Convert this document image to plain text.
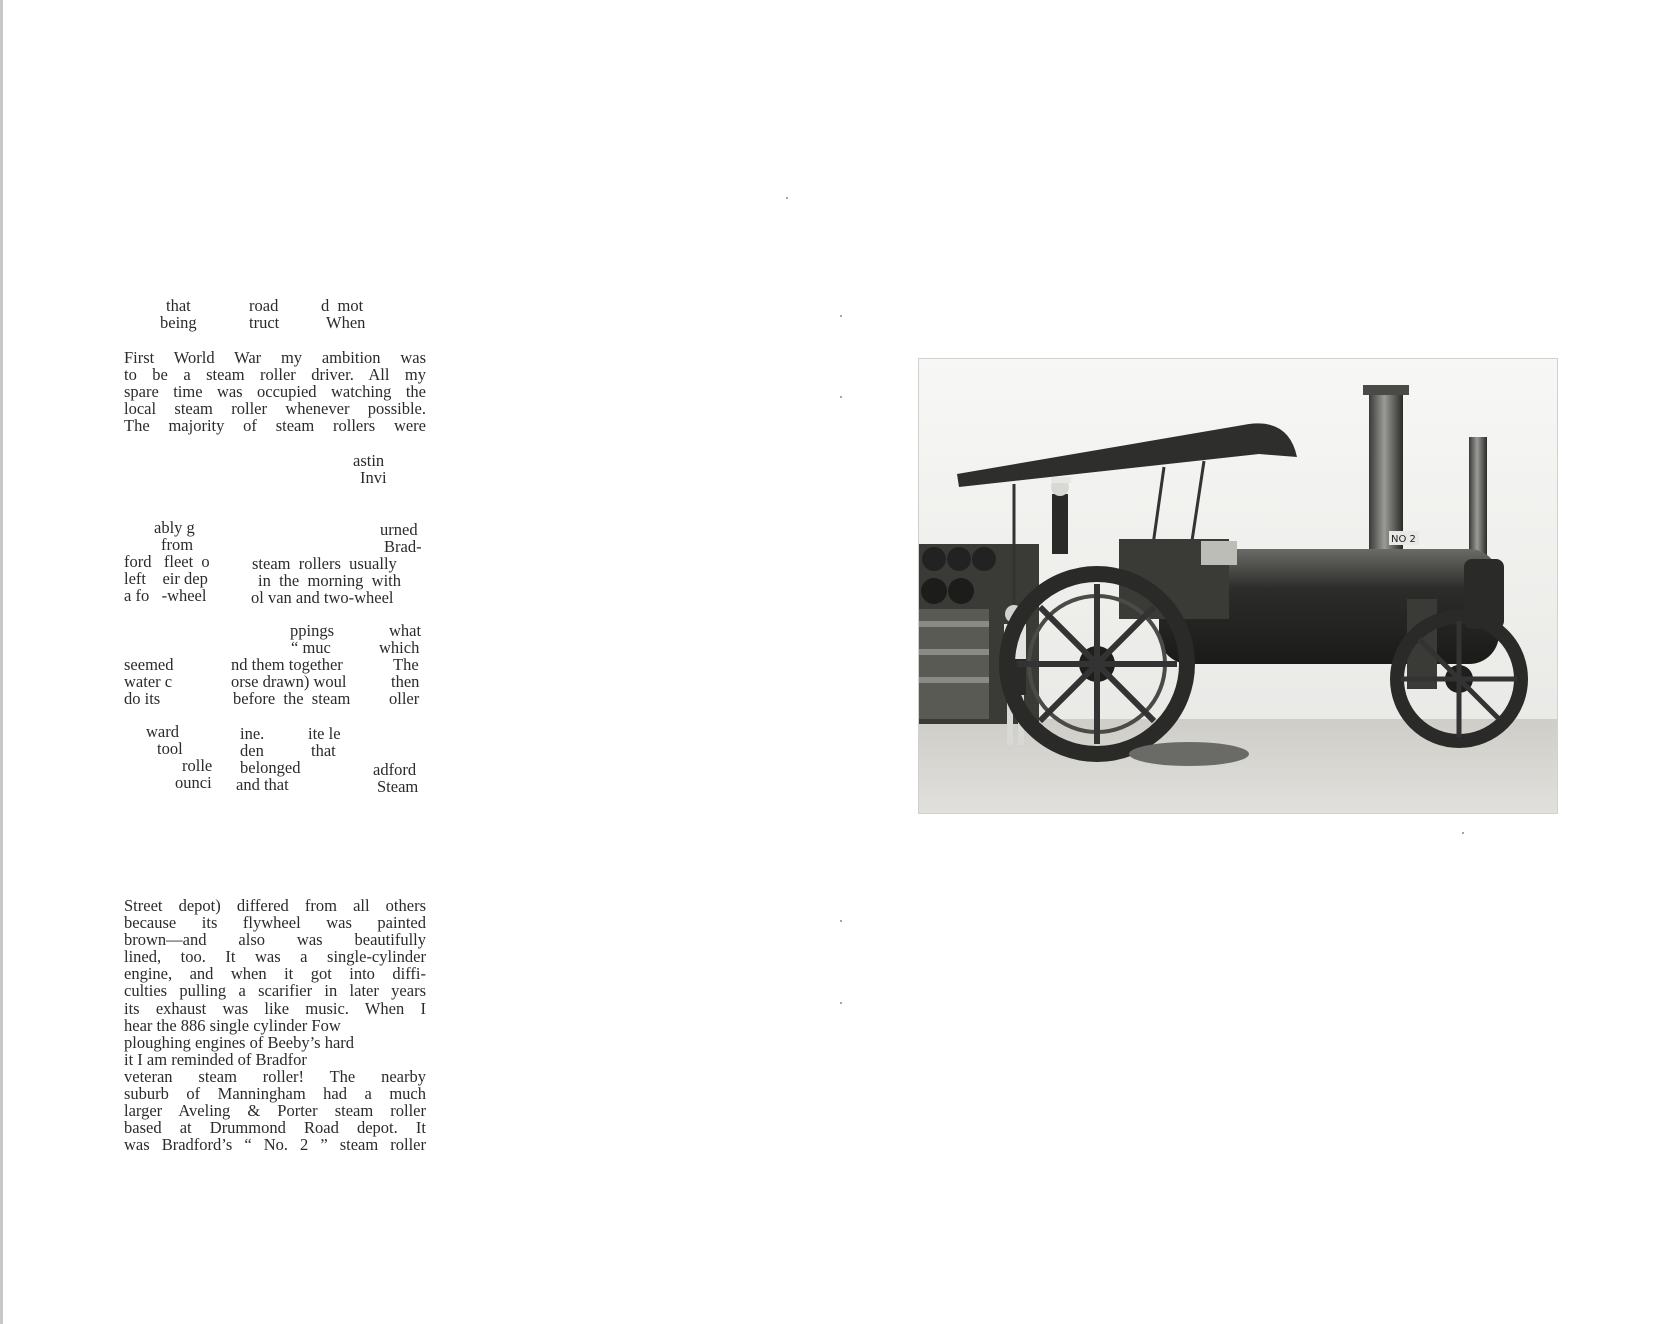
that	road	d  mot
being	truct	When
First World War my ambition was
to be a steam roller driver. All my
spare time was occupied watching the
local steam roller whenever possible.
The majority of steam rollers were
astin
Invi
ably g	urned
from	Brad-
ford   fleet  o	steam  rollers  usually
left    eir dep	in  the  morning  with
a fo   -wheel	ol van and two-wheel
ppings	what
“ muc	which
seemed	nd them together	The
water c	orse drawn) woul	then
do its	before  the  steam oller
ward	ine.	ite le
tool	den	that
rolle belonged	adford
ounci and that	Steam
Street depot) differed from all others
because its flywheel was painted
brown—and also was beautifully
lined, too. It was a single-cylinder
engine, and when it got into diffi-
culties pulling a scarifier in later years
its exhaust was like music. When I
hear the 886 single cylinder Fow
ploughing engines of Beeby’s hard
it I am reminded of Bradfor
veteran steam roller! The nearby
suburb of Manningham had a much
larger Aveling & Porter steam roller
based at Drummond Road depot. It
was Bradford’s “ No. 2 ” steam roller
NO 2
